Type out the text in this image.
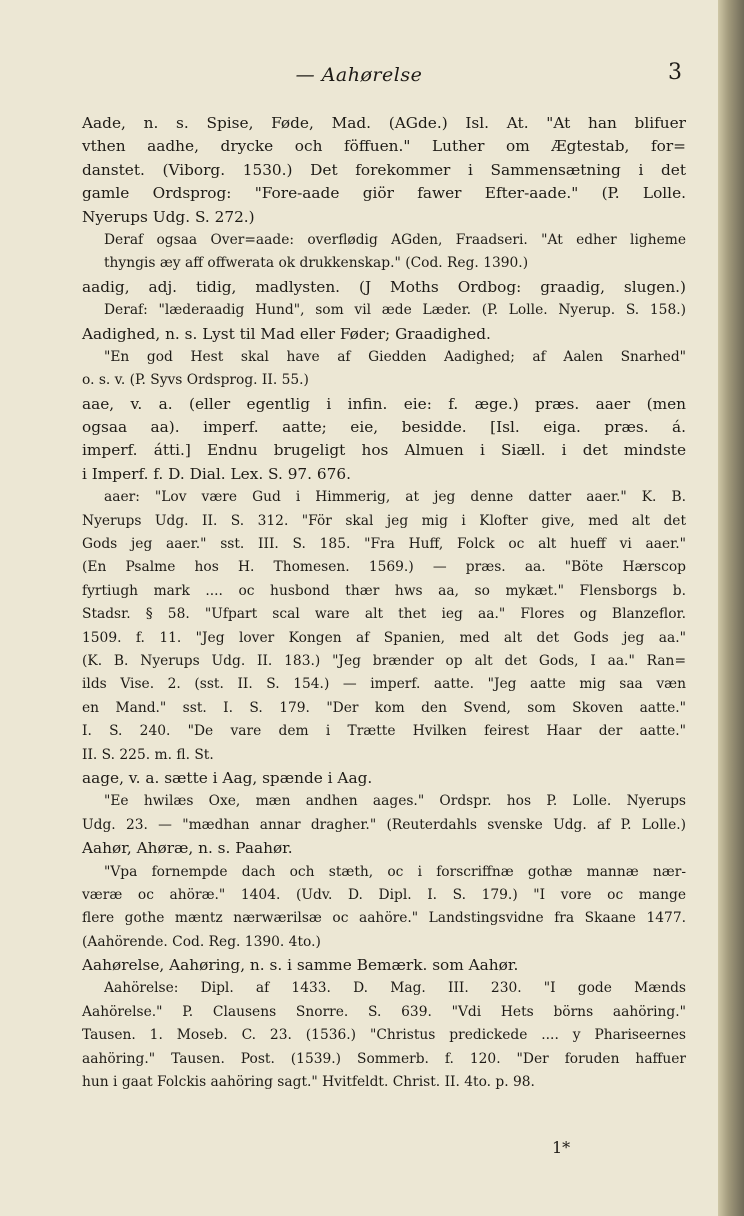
— Aahørelse	3
Aade, n. s. Spise, Føde, Mad. (AGde.) Isl. At. "At han blifuer
vthen aadhe, drycke och föffuen." Luther om Ægtestab, for=
danstet. (Viborg. 1530.) Det forekommer i Sammensætning i det
gamle Ordsprog: "Fore-aade giör fawer Efter-aade." (P. Lolle.
Nyerups Udg. S. 272.)
Deraf ogsaa Over=aade: overflødig AGden, Fraadseri. "At edher ligheme
thyngis æy aff offwerata ok drukkenskap." (Cod. Reg. 1390.)
aadig, adj. tidig, madlysten. (J Moths Ordbog: graadig, slugen.)
Deraf: "læderaadig Hund", som vil æde Læder. (P. Lolle. Nyerup. S. 158.)
Aadighed, n. s. Lyst til Mad eller Føder; Graadighed.
"En god Hest skal have af Giedden Aadighed; af Aalen Snarhed"
o. s. v. (P. Syvs Ordsprog. II. 55.)
aae, v. a. (eller egentlig i infin. eie: f. æge.) præs. aaer (men
ogsaa aa). imperf. aatte; eie, besidde. [Isl. eiga. præs. á.
imperf. átti.] Endnu brugeligt hos Almuen i Siæll. i det mindste
i Imperf. f. D. Dial. Lex. S. 97. 676.
aaer: "Lov være Gud i Himmerig, at jeg denne datter aaer." K. B.
Nyerups Udg. II. S. 312. "För skal jeg mig i Klofter give, med alt det
Gods jeg aaer." sst. III. S. 185. "Fra Huff, Folck oc alt hueff vi aaer."
(En Psalme hos H. Thomesen. 1569.) — præs. aa. "Böte Hærscop
fyrtiugh mark .... oc husbond thær hws aa, so mykæt." Flensborgs b.
Stadsr. § 58. "Ufpart scal ware alt thet ieg aa." Flores og Blanzeflor.
1509. f. 11. "Jeg lover Kongen af Spanien, med alt det Gods jeg aa."
(K. B. Nyerups Udg. II. 183.) "Jeg brænder op alt det Gods, I aa." Ran=
ilds Vise. 2. (sst. II. S. 154.) — imperf. aatte. "Jeg aatte mig saa væn
en Mand." sst. I. S. 179. "Der kom den Svend, som Skoven aatte."
I. S. 240. "De vare dem i Trætte Hvilken feirest Haar der aatte."
II. S. 225. m. fl. St.
aage, v. a. sætte i Aag, spænde i Aag.
"Ee hwilæs Oxe, mæn andhen aages." Ordspr. hos P. Lolle. Nyerups
Udg. 23. — "mædhan annar dragher." (Reuterdahls svenske Udg. af P. Lolle.)
Aahør, Ahøræ, n. s. Paahør.
"Vpa fornempde dach och stæth, oc i forscriffnæ gothæ mannæ nær-
væræ oc ahöræ." 1404. (Udv. D. Dipl. I. S. 179.) "I vore oc mange
flere gothe mæntz nærwærilsæ oc aahöre." Landstingsvidne fra Skaane 1477.
(Aahörende. Cod. Reg. 1390. 4to.)
Aahørelse, Aahøring, n. s. i samme Bemærk. som Aahør.
Aahörelse: Dipl. af 1433. D. Mag. III. 230. "I gode Mænds
Aahörelse." P. Clausens Snorre. S. 639. "Vdi Hets börns aahöring."
Tausen. 1. Moseb. C. 23. (1536.) "Christus predickede .... y Phariseernes
aahöring." Tausen. Post. (1539.) Sommerb. f. 120. "Der foruden haffuer
hun i gaat Folckis aahöring sagt." Hvitfeldt. Christ. II. 4to. p. 98.
1*
